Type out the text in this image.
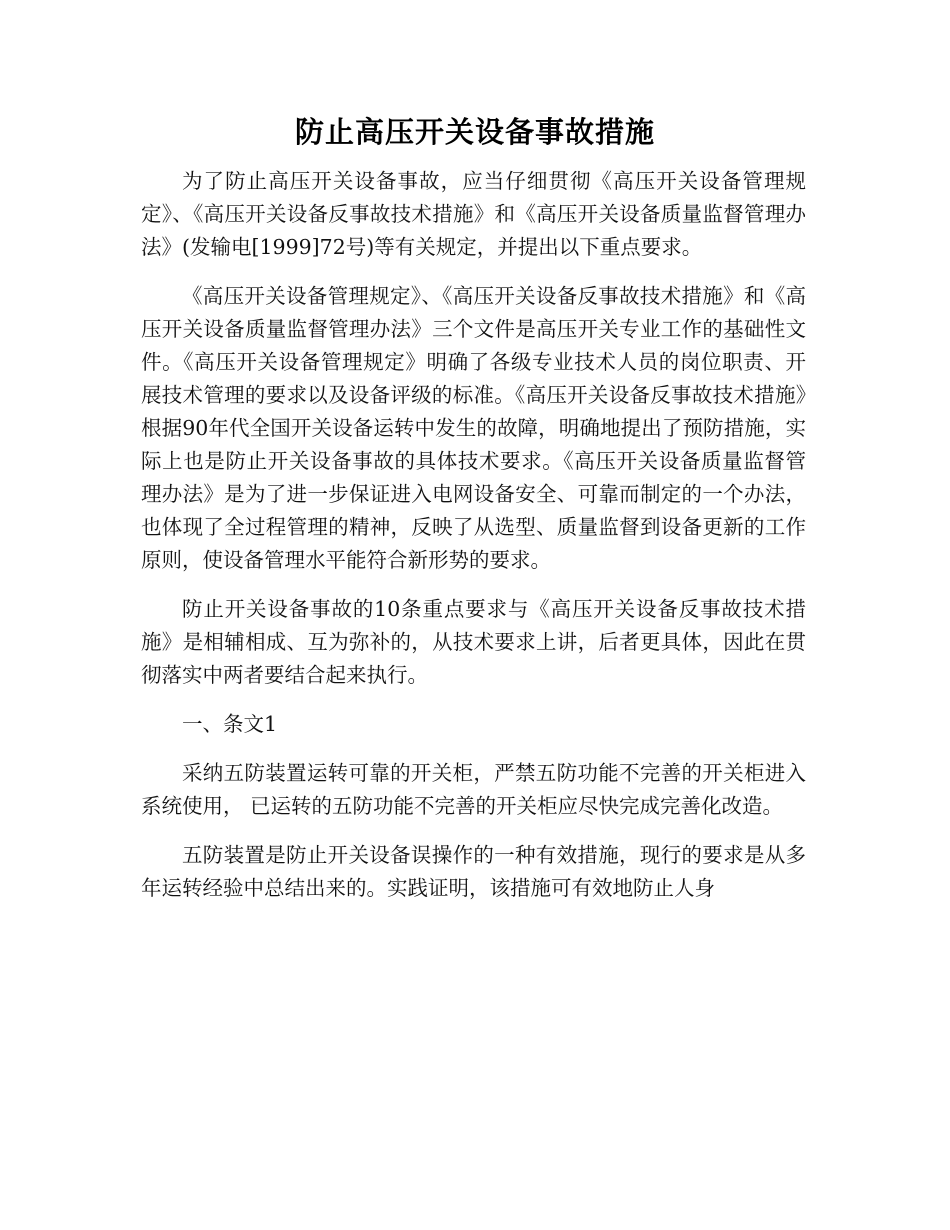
防止高压开关设备事故措施

为了防止高压开关设备事故，应当仔细贯彻《高压开关设备管理规定》、《高压开关设备反事故技术措施》和《高压开关设备质量监督管理办法》(发输电[1999]72号)等有关规定，并提出以下重点要求。

《高压开关设备管理规定》、《高压开关设备反事故技术措施》和《高压开关设备质量监督管理办法》三个文件是高压开关专业工作的基础性文件。《高压开关设备管理规定》明确了各级专业技术人员的岗位职责、开展技术管理的要求以及设备评级的标准。《高压开关设备反事故技术措施》根据90年代全国开关设备运转中发生的故障，明确地提出了预防措施，实际上也是防止开关设备事故的具体技术要求。《高压开关设备质量监督管理办法》是为了进一步保证进入电网设备安全、可靠而制定的一个办法，也体现了全过程管理的精神，反映了从选型、质量监督到设备更新的工作原则，使设备管理水平能符合新形势的要求。

防止开关设备事故的10条重点要求与《高压开关设备反事故技术措施》是相辅相成、互为弥补的，从技术要求上讲，后者更具体，因此在贯彻落实中两者要结合起来执行。

一、条文1

采纳五防装置运转可靠的开关柜，严禁五防功能不完善的开关柜进入系统使用， 已运转的五防功能不完善的开关柜应尽快完成完善化改造。

五防装置是防止开关设备误操作的一种有效措施，现行的要求是从多年运转经验中总结出来的。实践证明，该措施可有效地防止人身
